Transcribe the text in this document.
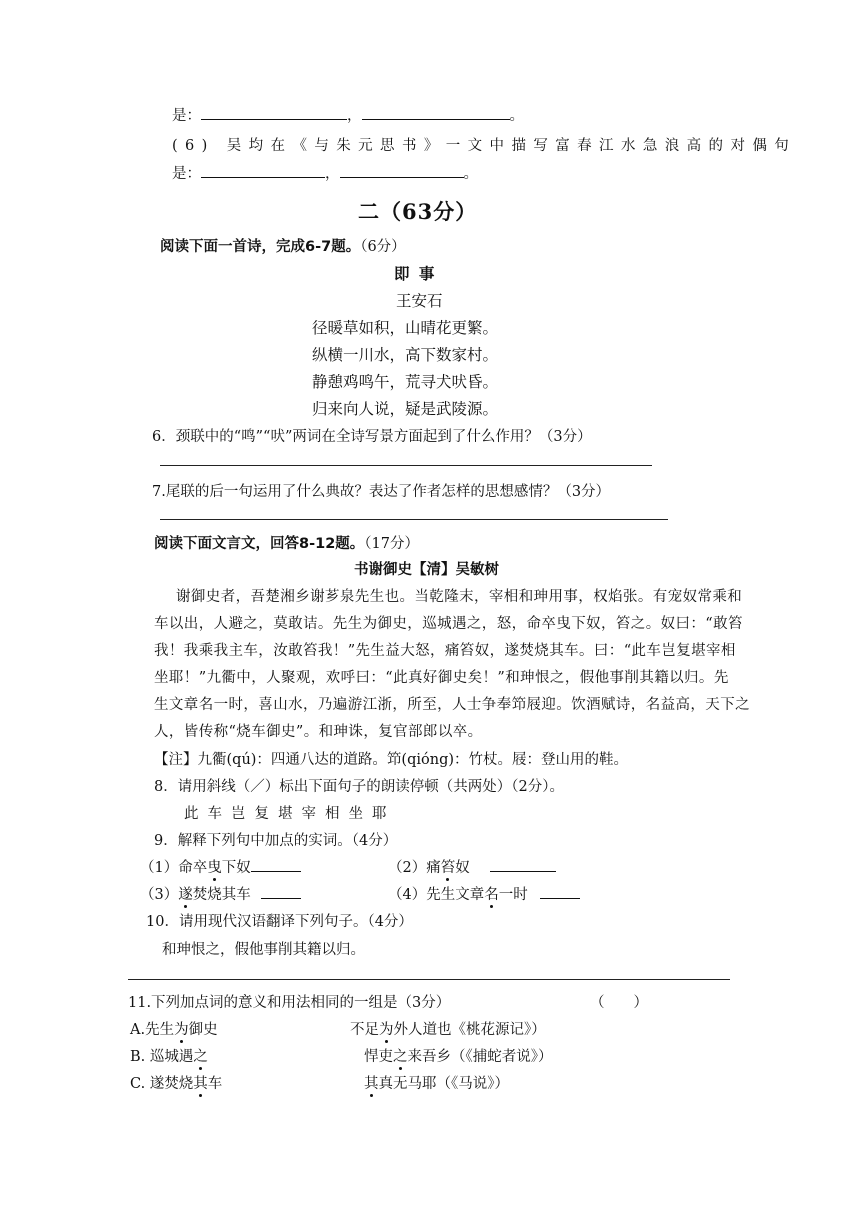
是：	，	。
(6) 吴均在《与朱元思书》一文中描写富春江水急浪高的对偶句
是：	，	。
二（63分）
阅读下面一首诗，完成6-7题。（6分）
即 事
王安石
径暖草如积，山晴花更繁。
纵横一川水，高下数家村。
静憩鸡鸣午，荒寻犬吠昏。
归来向人说，疑是武陵源。
6．颈联中的“鸣”“吠”两词在全诗写景方面起到了什么作用？（3分）
7.尾联的后一句运用了什么典故？表达了作者怎样的思想感情？（3分）
阅读下面文言文，回答8-12题。（17分）
书谢御史【清】吴敏树
谢御史者，吾楚湘乡谢芗泉先生也。当乾隆末，宰相和珅用事，权焰张。有宠奴常乘和
车以出，人避之，莫敢诘。先生为御史，巡城遇之，怒，命卒曳下奴，笞之。奴曰：“敢笞
我！我乘我主车，汝敢笞我！”先生益大怒，痛笞奴，遂焚烧其车。曰：“此车岂复堪宰相
坐耶！”九衢中，人聚观，欢呼曰：“此真好御史矣！”和珅恨之，假他事削其籍以归。先
生文章名一时，喜山水，乃遍游江浙，所至，人士争奉笻屐迎。饮酒赋诗，名益高，天下之
人，皆传称“烧车御史”。和珅诛，复官部郎以卒。
【注】九衢(qú)：四通八达的道路。笻(qióng)：竹杖。屐：登山用的鞋。
8．请用斜线（／）标出下面句子的朗读停顿（共两处）（2分）。
此车岂复堪宰相坐耶
9．解释下列句中加点的实词。（4分）
（1）命卒曳下奴	（2）痛笞奴
（3）遂焚烧其车	（4）先生文章名一时
10．请用现代汉语翻译下列句子。（4分）
和珅恨之，假他事削其籍以归。
11.下列加点词的意义和用法相同的一组是（3分）	（　　）
A.先生为御史	不足为外人道也《桃花源记》）
B. 巡城遇之	悍吏之来吾乡（《捕蛇者说》）
C. 遂焚烧其车	其真无马耶（《马说》）
